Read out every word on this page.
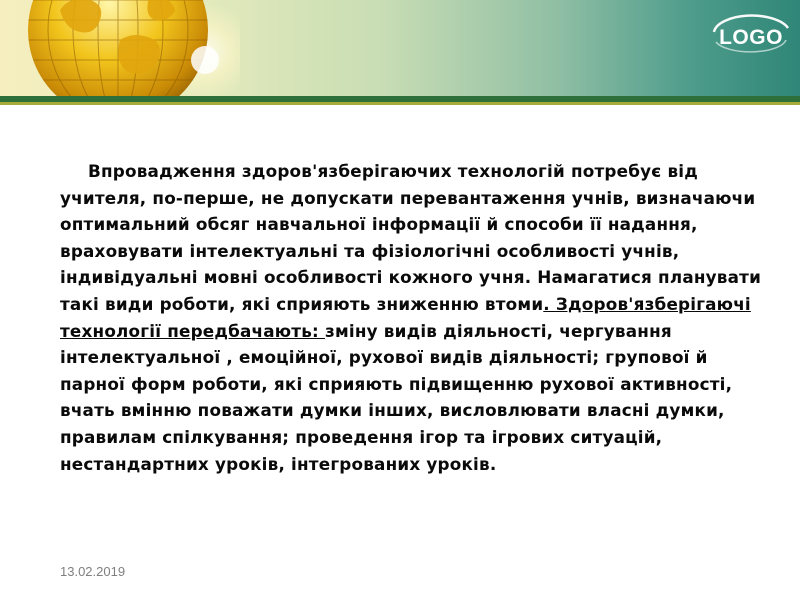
LOGO

Впровадження здоров'язберігаючих технологій потребує від учителя, по-перше, не допускати перевантаження учнів, визначаючи оптимальний обсяг навчальної інформації й способи її надання, враховувати інтелектуальні та фізіологічні особливості учнів, індивідуальні мовні особливості кожного учня. Намагатися планувати такі види роботи, які сприяють зниженню втоми. Здоров'язберігаючі технології передбачають: зміну видів діяльності, чергування інтелектуальної , емоційної, рухової видів діяльності; групової й парної форм роботи, які сприяють підвищенню рухової активності, вчать вмінню поважати думки інших, висловлювати власні думки, правилам спілкування; проведення ігор та ігрових ситуацій, нестандартних уроків, інтегрованих уроків.

13.02.2019
